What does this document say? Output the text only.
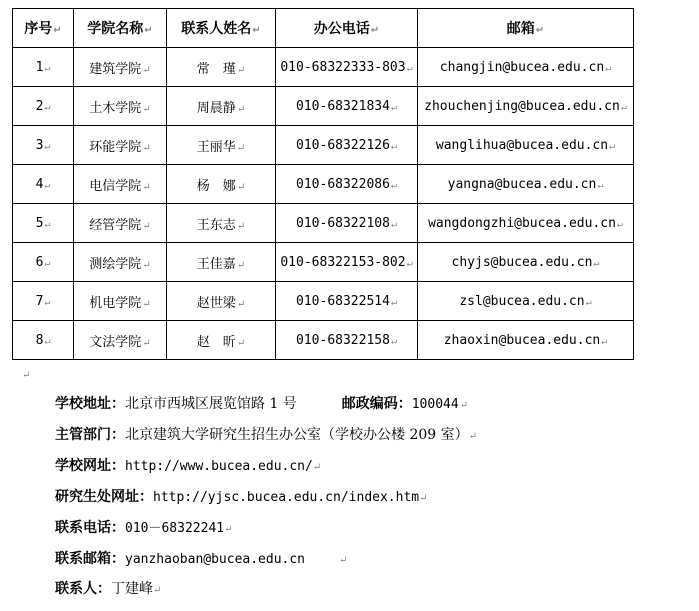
序号↵	学院名称↵	联系人姓名↵	办公电话↵	邮箱↵
1↵	建筑学院↵	常　瑾↵	010-68322333-803↵	changjin@bucea.edu.cn↵
2↵	土木学院↵	周晨静↵	010-68321834↵	zhouchenjing@bucea.edu.cn↵
3↵	环能学院↵	王丽华↵	010-68322126↵	wanglihua@bucea.edu.cn↵
4↵	电信学院↵	杨　娜↵	010-68322086↵	yangna@bucea.edu.cn↵
5↵	经管学院↵	王东志↵	010-68322108↵	wangdongzhi@bucea.edu.cn↵
6↵	测绘学院↵	王佳嘉↵	010-68322153-802↵	chyjs@bucea.edu.cn↵
7↵	机电学院↵	赵世梁↵	010-68322514↵	zsl@bucea.edu.cn↵
8↵	文法学院↵	赵　昕↵	010-68322158↵	zhaoxin@bucea.edu.cn↵
↵
学校地址：北京市西城区展览馆路 1 号	邮政编码：100044↵
主管部门：北京建筑大学研究生招生办公室（学校办公楼 209 室）↵
学校网址：http://www.bucea.edu.cn/↵
研究生处网址：http://yjsc.bucea.edu.cn/index.htm↵
联系电话：010－68322241↵
联系邮箱：yanzhaoban@bucea.edu.cn	↵
联系人：丁建峰↵
